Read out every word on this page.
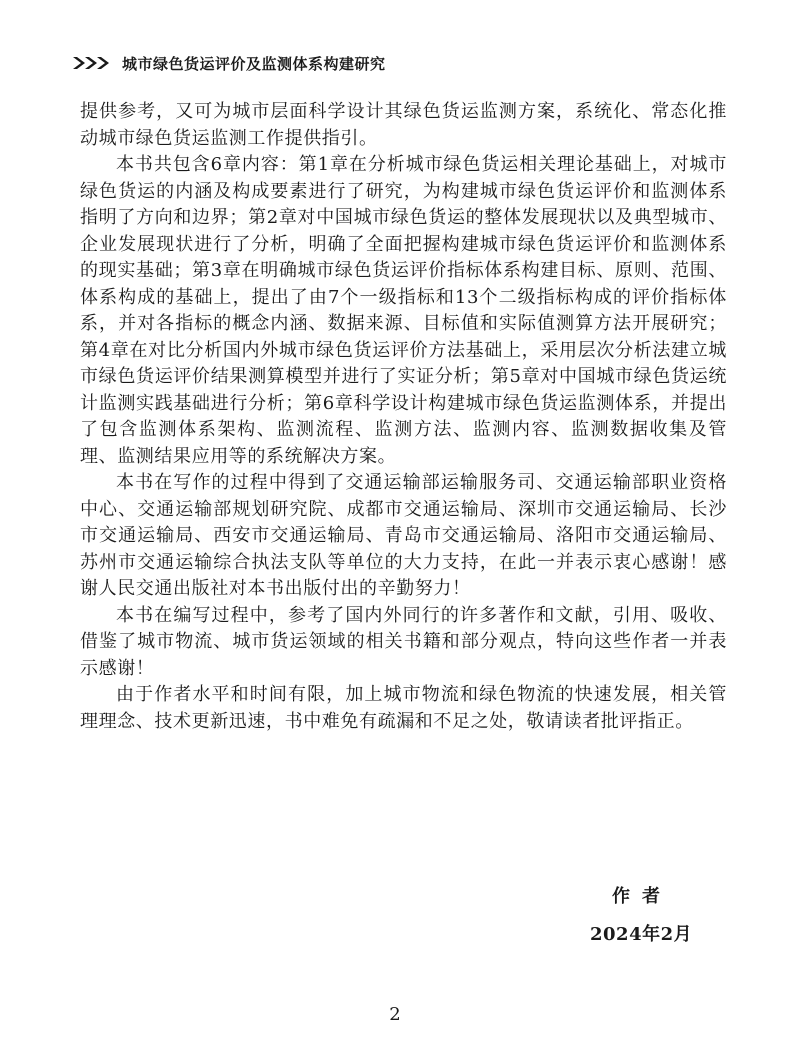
城市绿色货运评价及监测体系构建研究

提供参考，又可为城市层面科学设计其绿色货运监测方案，系统化、常态化推动城市绿色货运监测工作提供指引。

本书共包含6章内容：第1章在分析城市绿色货运相关理论基础上，对城市绿色货运的内涵及构成要素进行了研究，为构建城市绿色货运评价和监测体系指明了方向和边界；第2章对中国城市绿色货运的整体发展现状以及典型城市、企业发展现状进行了分析，明确了全面把握构建城市绿色货运评价和监测体系的现实基础；第3章在明确城市绿色货运评价指标体系构建目标、原则、范围、体系构成的基础上，提出了由7个一级指标和13个二级指标构成的评价指标体系，并对各指标的概念内涵、数据来源、目标值和实际值测算方法开展研究；第4章在对比分析国内外城市绿色货运评价方法基础上，采用层次分析法建立城市绿色货运评价结果测算模型并进行了实证分析；第5章对中国城市绿色货运统计监测实践基础进行分析；第6章科学设计构建城市绿色货运监测体系，并提出了包含监测体系架构、监测流程、监测方法、监测内容、监测数据收集及管理、监测结果应用等的系统解决方案。

本书在写作的过程中得到了交通运输部运输服务司、交通运输部职业资格中心、交通运输部规划研究院、成都市交通运输局、深圳市交通运输局、长沙市交通运输局、西安市交通运输局、青岛市交通运输局、洛阳市交通运输局、苏州市交通运输综合执法支队等单位的大力支持，在此一并表示衷心感谢！感谢人民交通出版社对本书出版付出的辛勤努力！

本书在编写过程中，参考了国内外同行的许多著作和文献，引用、吸收、借鉴了城市物流、城市货运领域的相关书籍和部分观点，特向这些作者一并表示感谢！

由于作者水平和时间有限，加上城市物流和绿色物流的快速发展，相关管理理念、技术更新迅速，书中难免有疏漏和不足之处，敬请读者批评指正。

作者
2024年2月
2
